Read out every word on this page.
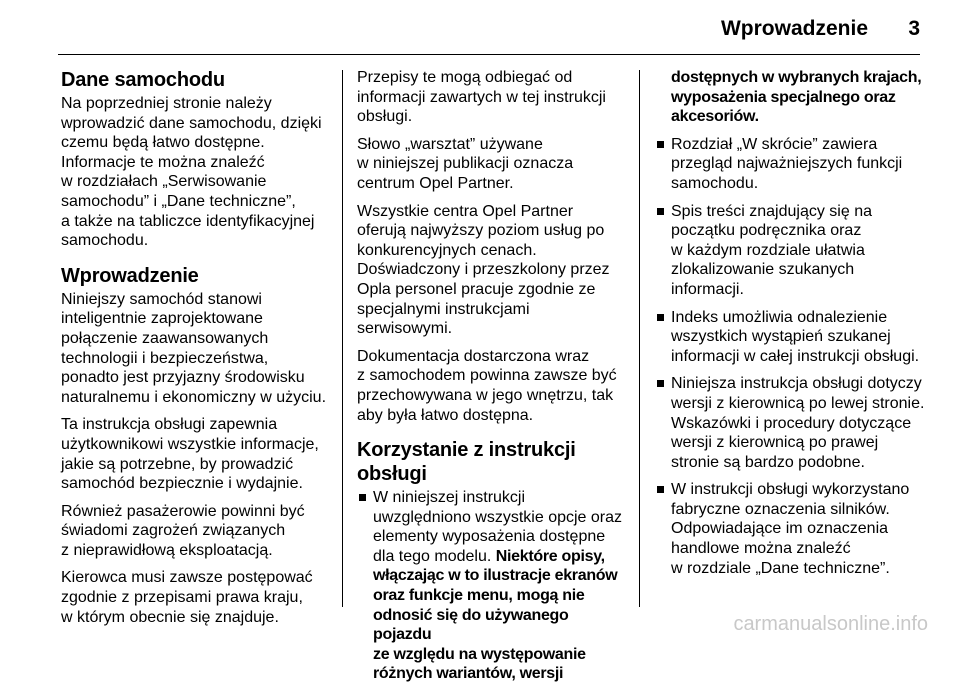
Wprowadzenie 3
Dane samochodu

Na poprzedniej stronie należy
wprowadzić dane samochodu, dzięki
czemu będą łatwo dostępne.
Informacje te można znaleźć
w rozdziałach „Serwisowanie
samochodu” i „Dane techniczne”,
a także na tabliczce identyfikacyjnej
samochodu.

Wprowadzenie

Niniejszy samochód stanowi
inteligentnie zaprojektowane
połączenie zaawansowanych
technologii i bezpieczeństwa,
ponadto jest przyjazny środowisku
naturalnemu i ekonomiczny w użyciu.

Ta instrukcja obsługi zapewnia
użytkownikowi wszystkie informacje,
jakie są potrzebne, by prowadzić
samochód bezpiecznie i wydajnie.

Również pasażerowie powinni być
świadomi zagrożeń związanych
z nieprawidłową eksploatacją.

Kierowca musi zawsze postępować
zgodnie z przepisami prawa kraju,
w którym obecnie się znajduje.

Przepisy te mogą odbiegać od
informacji zawartych w tej instrukcji
obsługi.

Słowo „warsztat” używane
w niniejszej publikacji oznacza
centrum Opel Partner.

Wszystkie centra Opel Partner
oferują najwyższy poziom usług po
konkurencyjnych cenach.
Doświadczony i przeszkolony przez
Opla personel pracuje zgodnie ze
specjalnymi instrukcjami
serwisowymi.

Dokumentacja dostarczona wraz
z samochodem powinna zawsze być
przechowywana w jego wnętrzu, tak
aby była łatwo dostępna.

Korzystanie z instrukcji obsługi
W niniejszej instrukcji
uwzględniono wszystkie opcje oraz
elementy wyposażenia dostępne
dla tego modelu. Niektóre opisy,
włączając w to ilustracje ekranów
oraz funkcje menu, mogą nie
odnosić się do używanego pojazdu
ze względu na występowanie
różnych wariantów, wersji

dostępnych w wybranych krajach,
wyposażenia specjalnego oraz
akcesoriów.

Rozdział „W skrócie” zawiera
przegląd najważniejszych funkcji
samochodu.
Spis treści znajdujący się na
początku podręcznika oraz
w każdym rozdziale ułatwia
zlokalizowanie szukanych
informacji.
Indeks umożliwia odnalezienie
wszystkich wystąpień szukanej
informacji w całej instrukcji obsługi.
Niniejsza instrukcja obsługi dotyczy
wersji z kierownicą po lewej stronie.
Wskazówki i procedury dotyczące
wersji z kierownicą po prawej
stronie są bardzo podobne.
W instrukcji obsługi wykorzystano
fabryczne oznaczenia silników.
Odpowiadające im oznaczenia
handlowe można znaleźć
w rozdziale „Dane techniczne”.
carmanualsonline.info
